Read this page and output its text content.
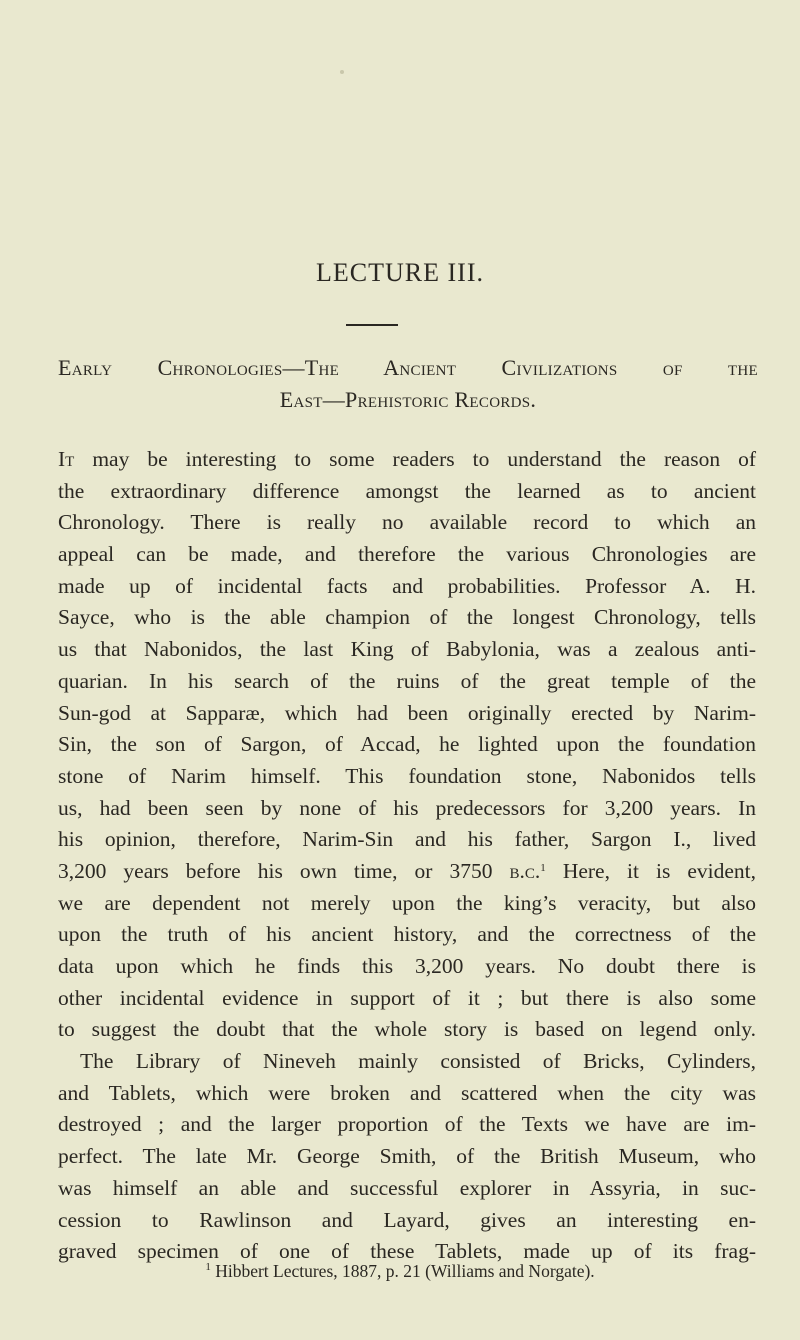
LECTURE III.
Early Chronologies—The Ancient Civilizations of the
East—Prehistoric Records.
It may be interesting to some readers to understand the reason of
the extraordinary difference amongst the learned as to ancient
Chronology. There is really no available record to which an
appeal can be made, and therefore the various Chronologies are
made up of incidental facts and probabilities. Professor A. H.
Sayce, who is the able champion of the longest Chronology, tells
us that Nabonidos, the last King of Babylonia, was a zealous anti-
quarian. In his search of the ruins of the great temple of the
Sun-god at Sapparæ, which had been originally erected by Narim-
Sin, the son of Sargon, of Accad, he lighted upon the foundation
stone of Narim himself. This foundation stone, Nabonidos tells
us, had been seen by none of his predecessors for 3,200 years. In
his opinion, therefore, Narim-Sin and his father, Sargon I., lived
3,200 years before his own time, or 3750 b.c.$^1$ Here, it is evident,
we are dependent not merely upon the king’s veracity, but also
upon the truth of his ancient history, and the correctness of the
data upon which he finds this 3,200 years. No doubt there is
other incidental evidence in support of it ; but there is also some
to suggest the doubt that the whole story is based on legend only.
The Library of Nineveh mainly consisted of Bricks, Cylinders,
and Tablets, which were broken and scattered when the city was
destroyed ; and the larger proportion of the Texts we have are im-
perfect. The late Mr. George Smith, of the British Museum, who
was himself an able and successful explorer in Assyria, in suc-
cession to Rawlinson and Layard, gives an interesting en-
graved specimen of one of these Tablets, made up of its frag-
$^1$ Hibbert Lectures, 1887, p. 21 (Williams and Norgate).
